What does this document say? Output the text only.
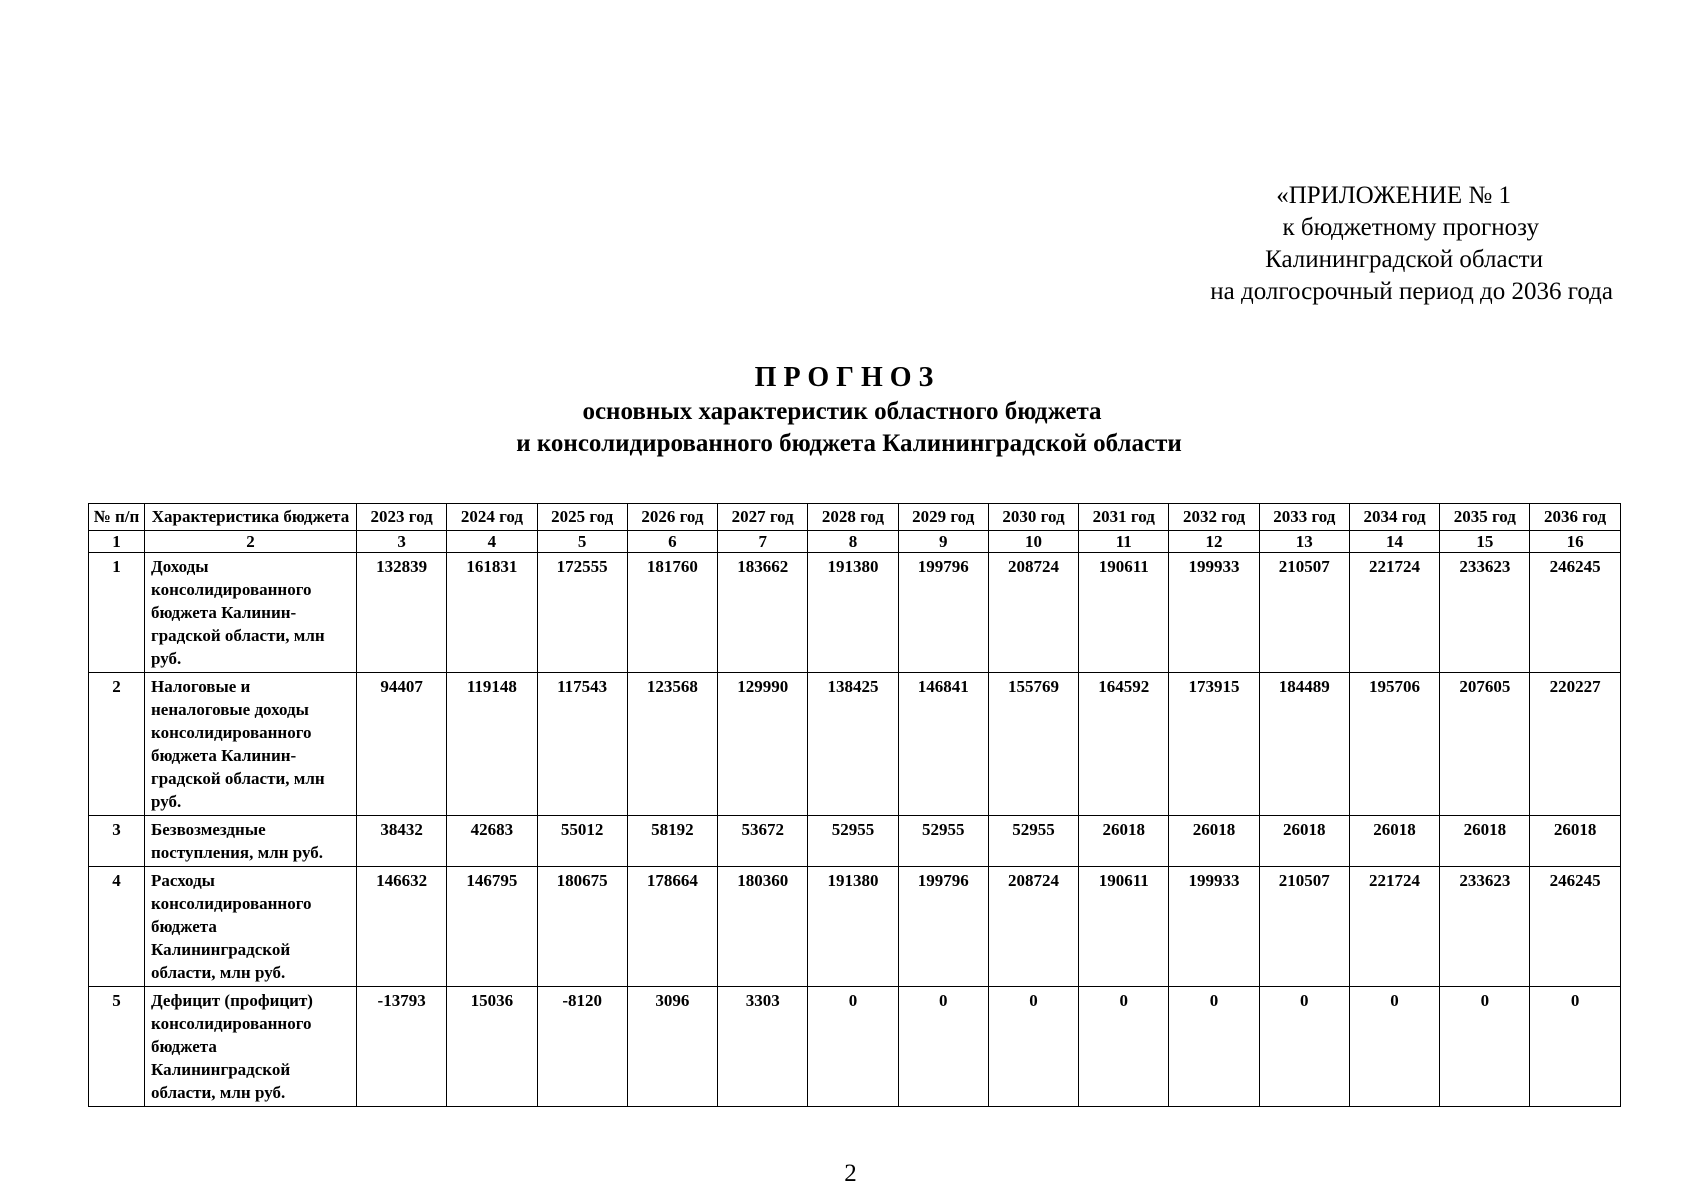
«ПРИЛОЖЕНИЕ № 1
к бюджетному прогнозу
Калининградской области
на долгосрочный период до 2036 года
ПРОГНОЗ
основных характеристик областного бюджета
и консолидированного бюджета Калининградской области
№ п/п	Характеристика бюджета	2023 год	2024 год	2025 год	2026 год	2027 год	2028 год	2029 год	2030 год	2031 год	2032 год	2033 год	2034 год	2035 год	2036 год
1	2	3	4	5	6	7	8	9	10	11	12	13	14	15	16
1	Доходы консолидированного бюджета Калинин-градской области, млн руб.	132839	161831	172555	181760	183662	191380	199796	208724	190611	199933	210507	221724	233623	246245
2	Налоговые и неналоговые доходы консолидированного бюджета Калинин-градской области, млн руб.	94407	119148	117543	123568	129990	138425	146841	155769	164592	173915	184489	195706	207605	220227
3	Безвозмездные поступления, млн руб.	38432	42683	55012	58192	53672	52955	52955	52955	26018	26018	26018	26018	26018	26018
4	Расходы консолидированного бюджета Калининградской области, млн руб.	146632	146795	180675	178664	180360	191380	199796	208724	190611	199933	210507	221724	233623	246245
5	Дефицит (профицит) консолидированного бюджета Калининградской области, млн руб.	-13793	15036	-8120	3096	3303	0	0	0	0	0	0	0	0	0
2
